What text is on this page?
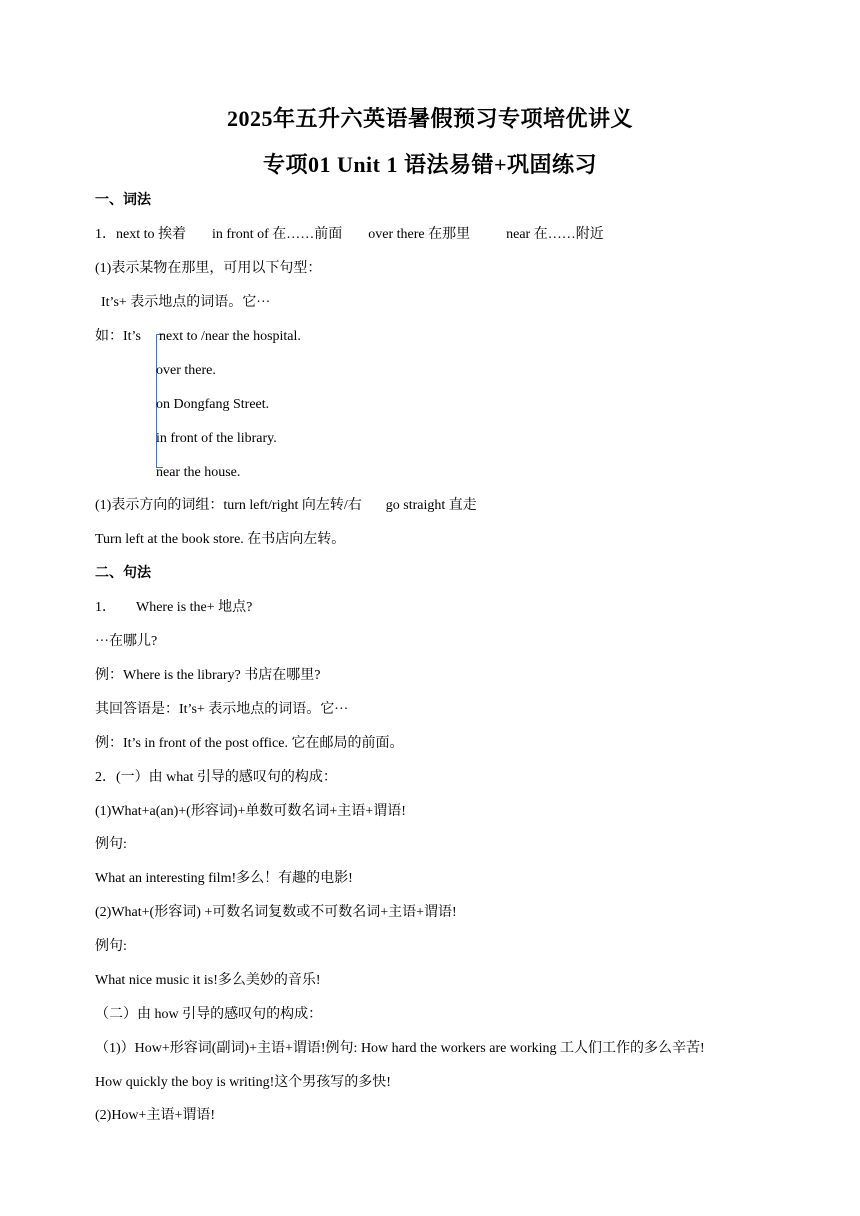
2025年五升六英语暑假预习专项培优讲义
专项01 Unit 1 语法易错+巩固练习
一、词法
1．next to 挨着 in front of 在……前面 over there 在那里	near 在……附近
(1)表示某物在那里，可用以下句型：
It’s+ 表示地点的词语。它···
如：It’s next to /near the hospital.
over there.
on Dongfang Street.
in front of the library.
near the house.
(1)表示方向的词组：turn left/right 向左转/右 go straight 直走
Turn left at the book store. 在书店向左转。
二、句法
1． Where is the+ 地点?
···在哪儿?
例：Where is the library? 书店在哪里?
其回答语是：It’s+ 表示地点的词语。它···
例：It’s in front of the post office. 它在邮局的前面。
2．(一）由 what 引导的感叹句的构成：
(1)What+a(an)+(形容词)+单数可数名词+主语+谓语!
例句:
What an interesting film!多么！有趣的电影!
(2)What+(形容词) +可数名词复数或不可数名词+主语+谓语!
例句:
What nice music it is!多么美妙的音乐!
（二）由 how 引导的感叹句的构成：
（1)）How+形容词(副词)+主语+谓语!例句: How hard the workers are working 工人们工作的多么辛苦!
How quickly the boy is writing!这个男孩写的多快!
(2)How+主语+谓语!
